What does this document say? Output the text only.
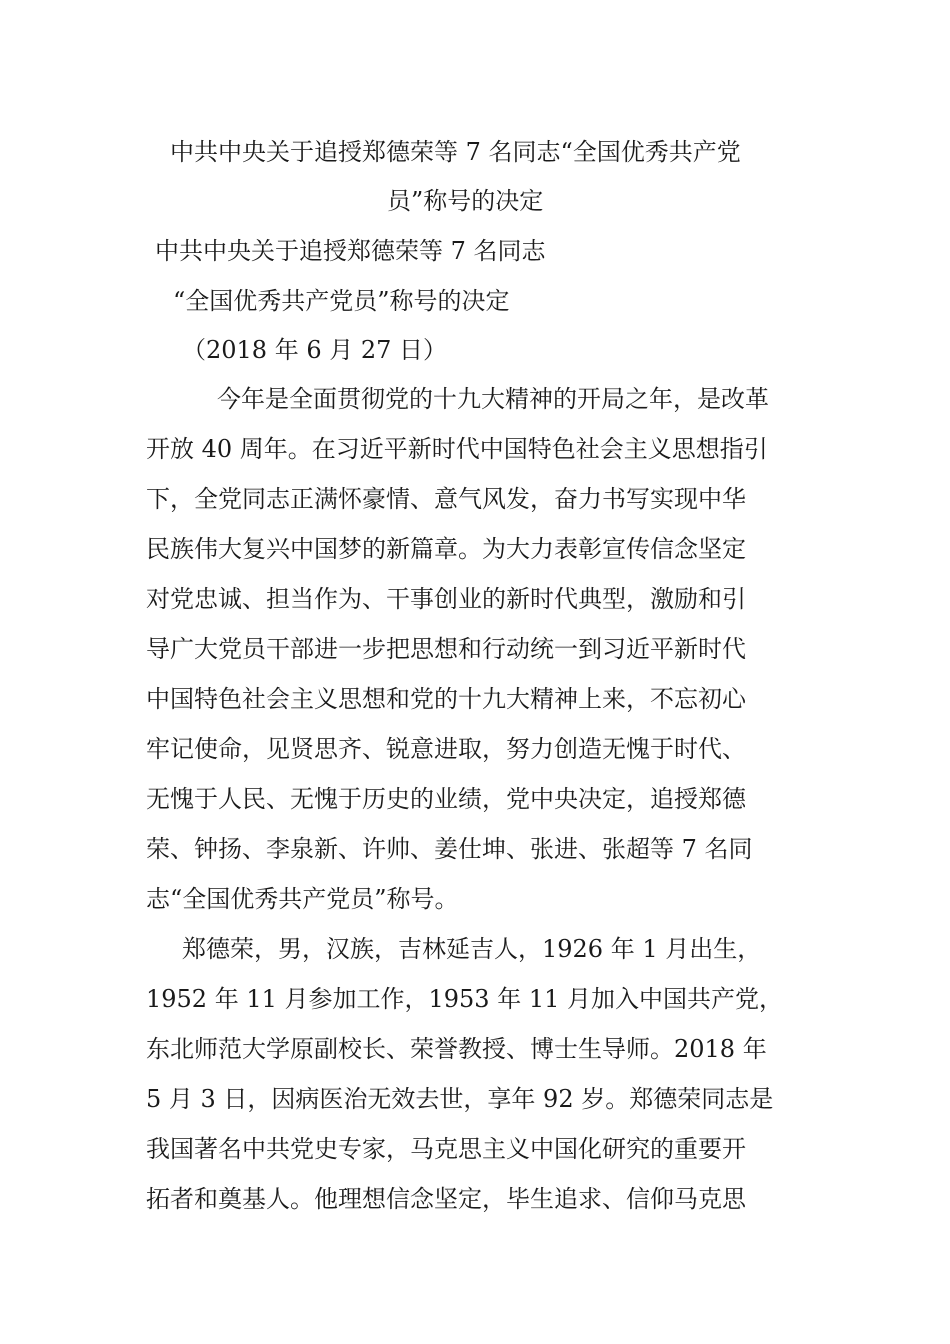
中共中央关于追授郑德荣等 7 名同志“全国优秀共产党
员”称号的决定
中共中央关于追授郑德荣等 7 名同志
“全国优秀共产党员”称号的决定
（2018 年 6 月 27 日）
今年是全面贯彻党的十九大精神的开局之年，是改革
开放 40 周年。在习近平新时代中国特色社会主义思想指引
下，全党同志正满怀豪情、意气风发，奋力书写实现中华
民族伟大复兴中国梦的新篇章。为大力表彰宣传信念坚定
对党忠诚、担当作为、干事创业的新时代典型，激励和引
导广大党员干部进一步把思想和行动统一到习近平新时代
中国特色社会主义思想和党的十九大精神上来，不忘初心
牢记使命，见贤思齐、锐意进取，努力创造无愧于时代、
无愧于人民、无愧于历史的业绩，党中央决定，追授郑德
荣、钟扬、李泉新、许帅、姜仕坤、张进、张超等 7 名同
志“全国优秀共产党员”称号。
郑德荣，男，汉族，吉林延吉人，1926 年 1 月出生，
1952 年 11 月参加工作，1953 年 11 月加入中国共产党，
东北师范大学原副校长、荣誉教授、博士生导师。2018 年
5 月 3 日，因病医治无效去世，享年 92 岁。郑德荣同志是
我国著名中共党史专家，马克思主义中国化研究的重要开
拓者和奠基人。他理想信念坚定，毕生追求、信仰马克思
